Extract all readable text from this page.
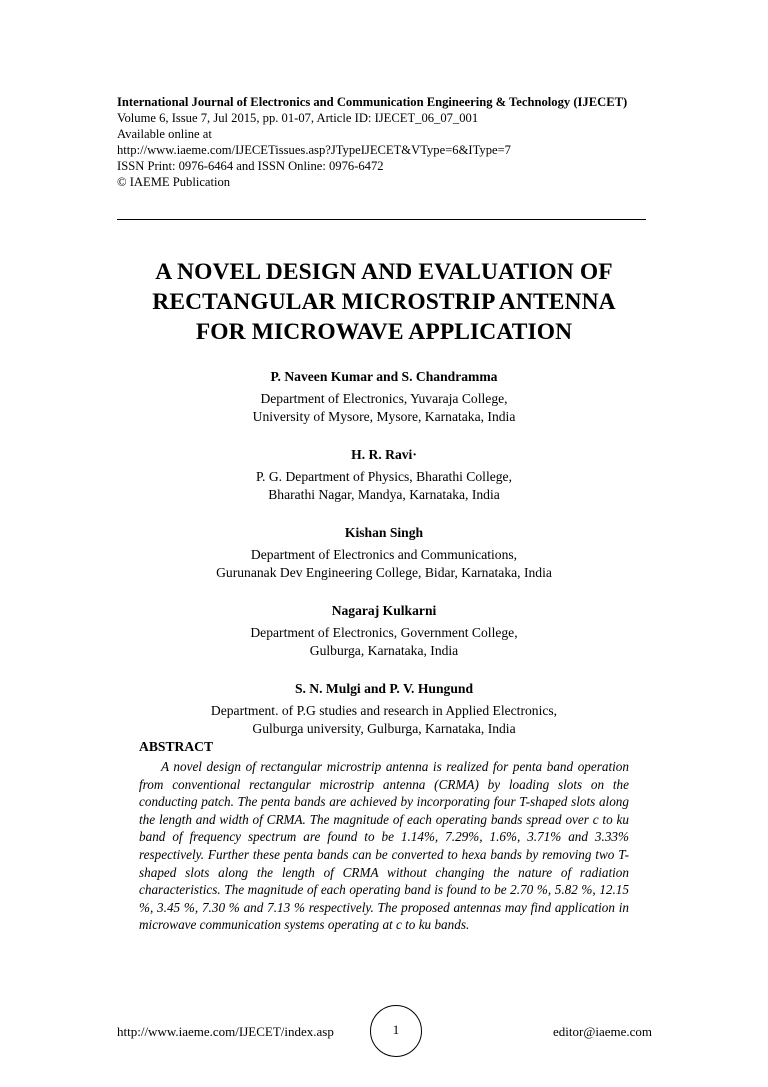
International Journal of Electronics and Communication Engineering & Technology (IJECET)
Volume 6, Issue 7, Jul 2015, pp. 01-07, Article ID: IJECET_06_07_001
Available online at
http://www.iaeme.com/IJECETissues.asp?JTypeIJECET&VType=6&IType=7
ISSN Print: 0976-6464 and ISSN Online: 0976-6472
© IAEME Publication
A NOVEL DESIGN AND EVALUATION OF
RECTANGULAR MICROSTRIP ANTENNA
FOR MICROWAVE APPLICATION
P. Naveen Kumar and S. Chandramma
Department of Electronics, Yuvaraja College,
University of Mysore, Mysore, Karnataka, India
H. R. Ravi·
P. G. Department of Physics, Bharathi College,
Bharathi Nagar, Mandya, Karnataka, India
Kishan Singh
Department of Electronics and Communications,
Gurunanak Dev Engineering College, Bidar, Karnataka, India
Nagaraj Kulkarni
Department of Electronics, Government College,
Gulburga, Karnataka, India
S. N. Mulgi and P. V. Hungund
Department. of P.G studies and research in Applied Electronics,
Gulburga university, Gulburga, Karnataka, India
ABSTRACT
A novel design of rectangular microstrip antenna is realized for penta band operation from conventional rectangular microstrip antenna (CRMA) by loading slots on the conducting patch. The penta bands are achieved by incorporating four T-shaped slots along the length and width of CRMA. The magnitude of each operating bands spread over c to ku band of frequency spectrum are found to be 1.14%, 7.29%, 1.6%, 3.71% and 3.33% respectively. Further these penta bands can be converted to hexa bands by removing two T-shaped slots along the length of CRMA without changing the nature of radiation characteristics. The magnitude of each operating band is found to be 2.70 %, 5.82 %, 12.15 %, 3.45 %, 7.30 % and 7.13 % respectively. The proposed antennas may find application in microwave communication systems operating at c to ku bands.
http://www.iaeme.com/IJECET/index.asp	1	editor@iaeme.com
